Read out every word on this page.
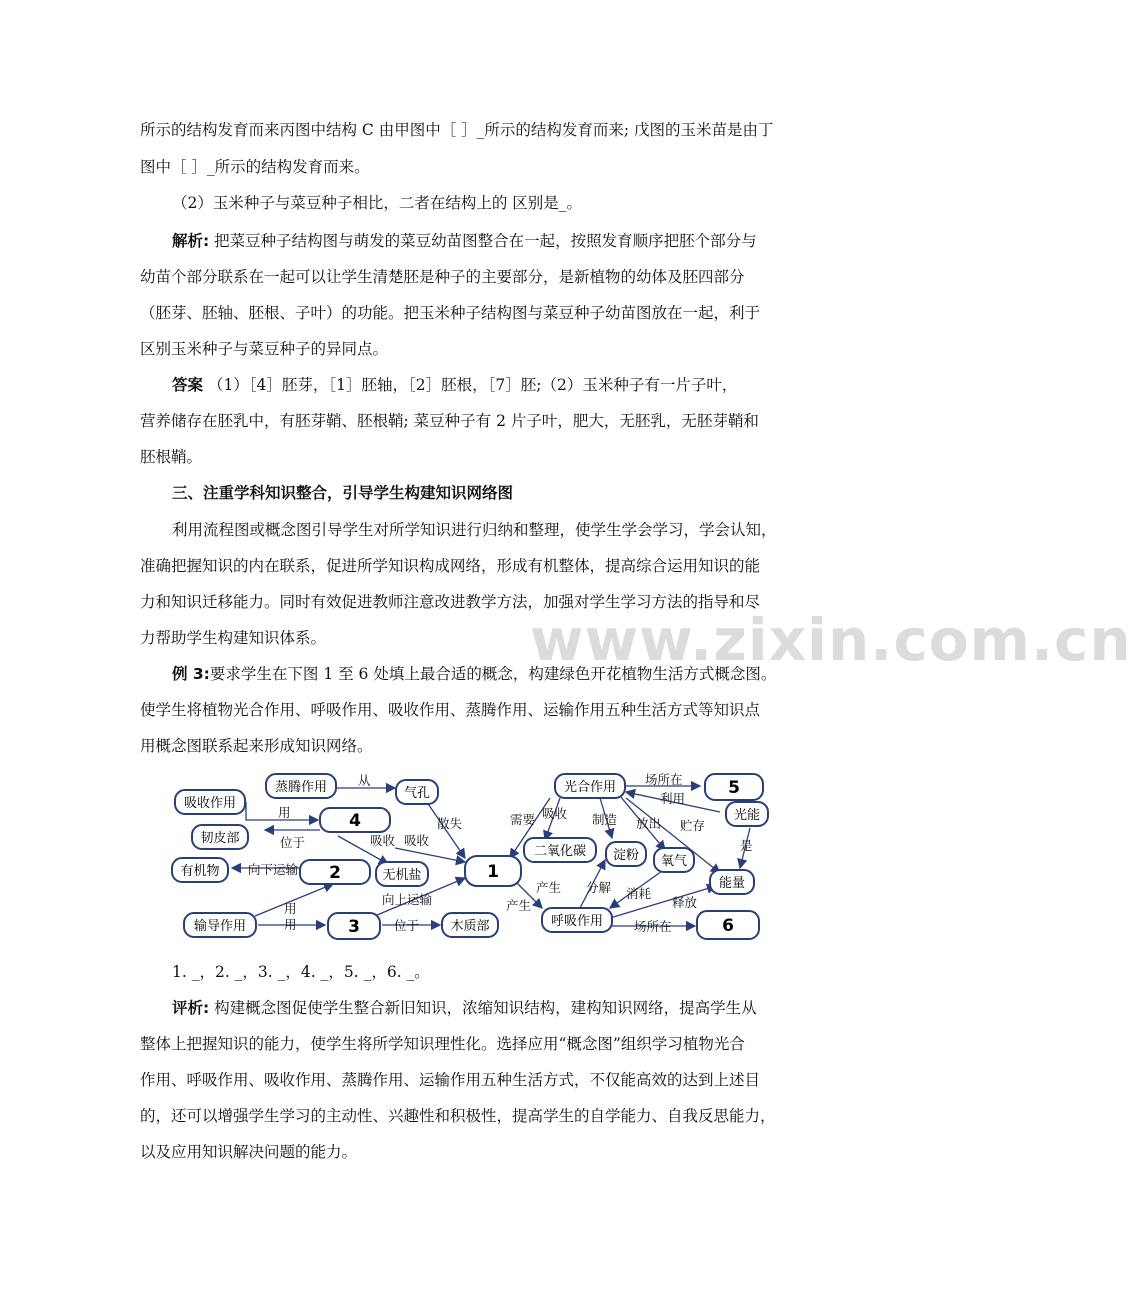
所示的结构发育而来丙图中结构 C 由甲图中［ ］_所示的结构发育而来; 戊图的玉米苗是由丁
图中［ ］_所示的结构发育而来。
（2）玉米种子与菜豆种子相比，二者在结构上的 区别是_。
解析: 把菜豆种子结构图与萌发的菜豆幼苗图整合在一起，按照发育顺序把胚个部分与
幼苗个部分联系在一起可以让学生清楚胚是种子的主要部分，是新植物的幼体及胚四部分
（胚芽、胚轴、胚根、子叶）的功能。把玉米种子结构图与菜豆种子幼苗图放在一起，利于
区别玉米种子与菜豆种子的异同点。
答案 （1）［4］胚芽，［1］胚轴，［2］胚根，［7］胚;（2）玉米种子有一片子叶，
营养储存在胚乳中，有胚芽鞘、胚根鞘; 菜豆种子有 2 片子叶，肥大，无胚乳，无胚芽鞘和
胚根鞘。
三、注重学科知识整合，引导学生构建知识网络图
利用流程图或概念图引导学生对所学知识进行归纳和整理，使学生学会学习，学会认知，
准确把握知识的内在联系，促进所学知识构成网络，形成有机整体，提高综合运用知识的能
力和知识迁移能力。同时有效促进教师注意改进教学方法，加强对学生学习方法的指导和尽
力帮助学生构建知识体系。	www.zixin.com.cn
例 3:要求学生在下图 1 至 6 处填上最合适的概念，构建绿色开花植物生活方式概念图。
使学生将植物光合作用、呼吸作用、吸收作用、蒸腾作用、运输作用五种生活方式等知识点
用概念图联系起来形成知识网络。
吸收作用
蒸腾作用	气孔
4
韧皮部
有机物	2	无机盐	1
输导作用	3	木质部
光合作用	5
光能
二氧化碳 淀粉 氧气
能量
呼吸作用	6
从
用
位于	吸收 吸收
散失
向下运输
用
用
向上运输
位于
需要 吸收 制造 放出
场所在
利用
贮存
是
产生
产生
分解 消耗
释放
场所在
1. _，2. _，3. _，4. _，5. _，6. _。
评析: 构建概念图促使学生整合新旧知识，浓缩知识结构，建构知识网络，提高学生从
整体上把握知识的能力，使学生将所学知识理性化。选择应用“概念图”组织学习植物光合
作用、呼吸作用、吸收作用、蒸腾作用、运输作用五种生活方式，不仅能高效的达到上述目
的，还可以增强学生学习的主动性、兴趣性和积极性，提高学生的自学能力、自我反思能力，
以及应用知识解决问题的能力。
